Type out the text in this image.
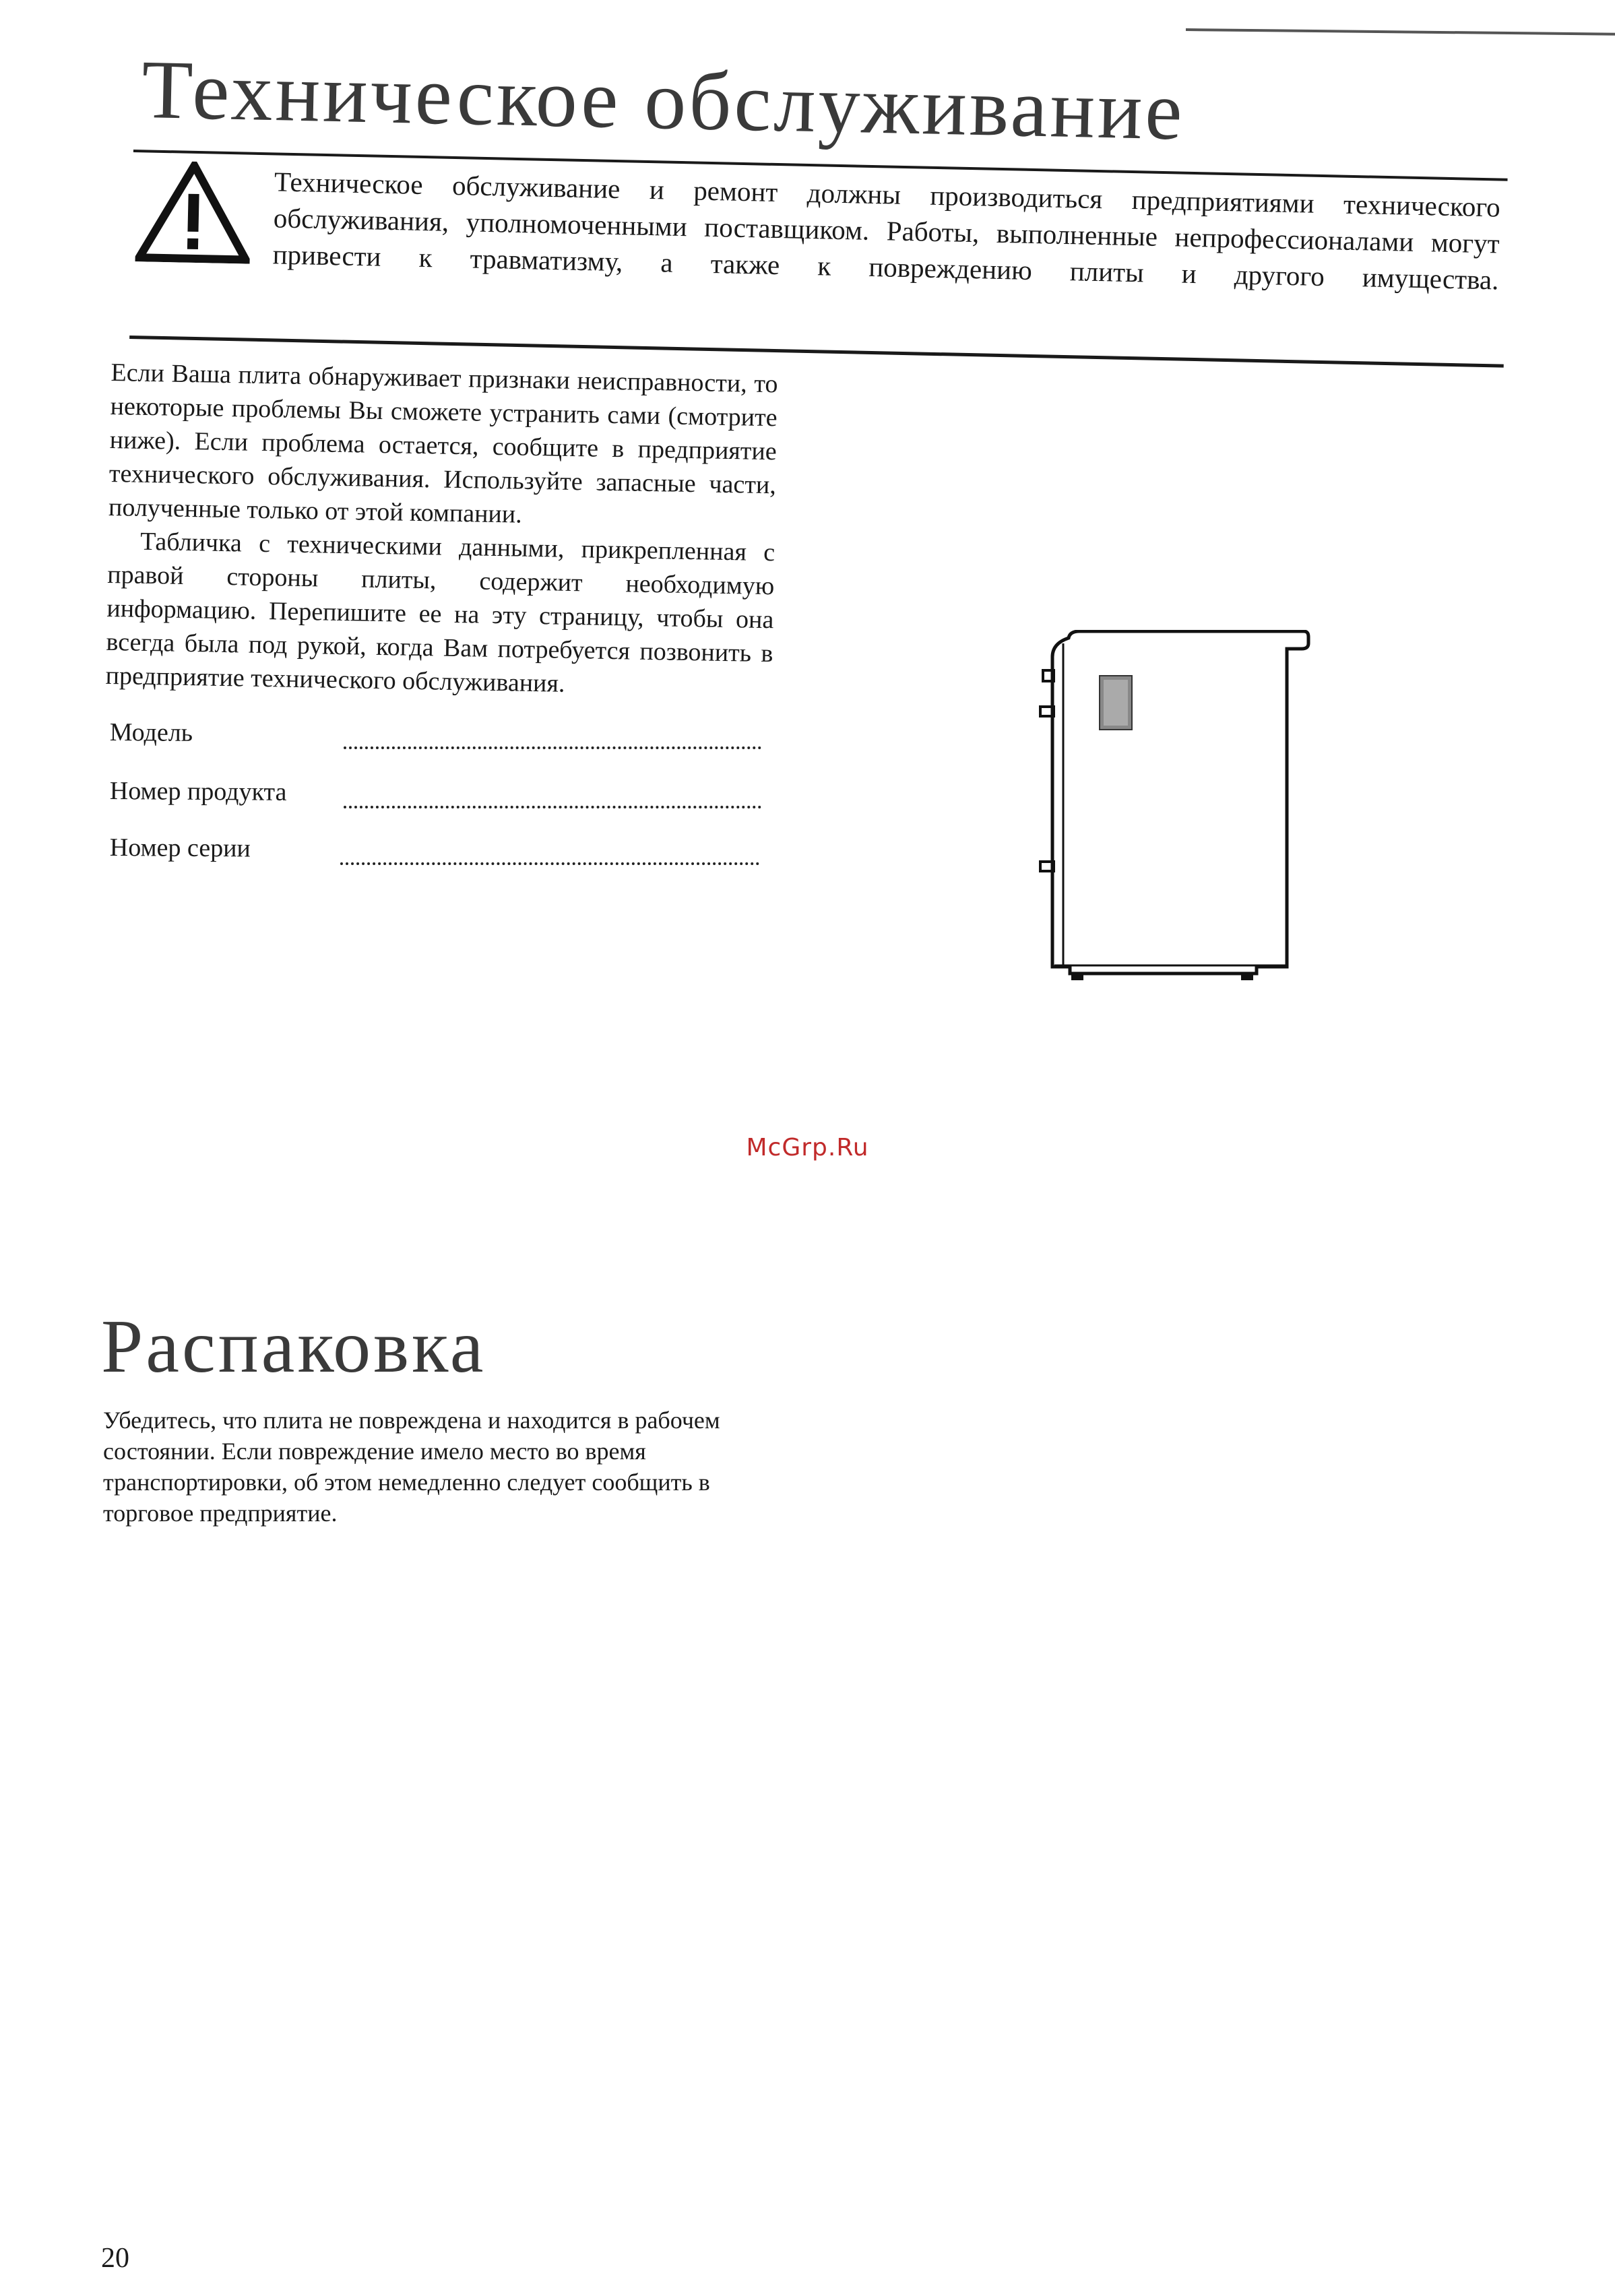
Техническое обслуживание
Техническое обслуживание и ремонт должны производиться предприятиями технического обслуживания, уполномоченными поставщиком. Работы, выполненные непрофессионалами могут привести к травматизму, а также к повреждению плиты и другого имущества.

Если Ваша плита обнаруживает признаки неисправности, то некоторые проблемы Вы сможете устранить сами (смотрите ниже). Если проблема остается, сообщите в предприятие технического обслуживания. Используйте запасные части, полученные только от этой компании.

Табличка с техническими данными, прикрепленная с правой стороны плиты, содержит необходимую информацию. Перепишите ее на эту страницу, чтобы она всегда была под рукой, когда Вам потребуется позвонить в предприятие технического обслуживания.

Модель
Номер продукта
Номер серии
McGrp.Ru
Распаковка
Убедитесь, что плита не повреждена и находится в рабочем состоянии. Если повреждение имело место во время транспортировки, об этом немедленно следует сообщить в торговое предприятие.
20
